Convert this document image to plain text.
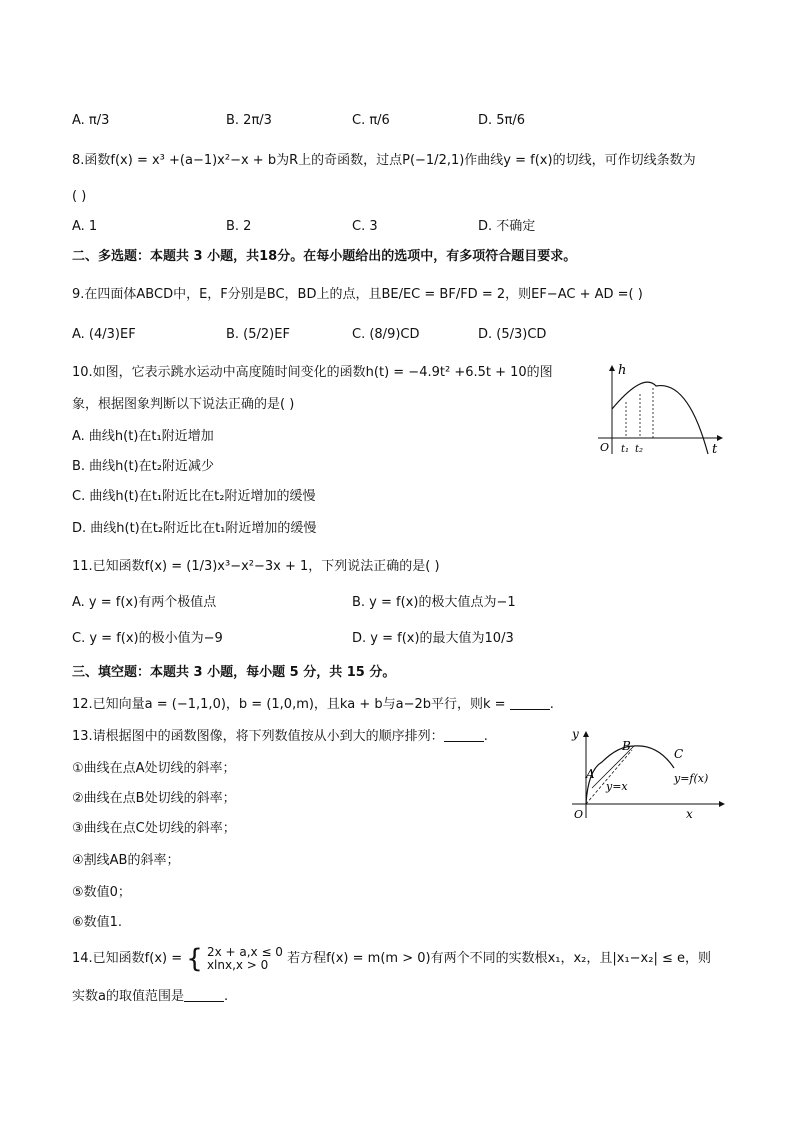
A. π/3	B. 2π/3	C. π/6	D. 5π/6
8.函数f(x) = x³ +(a−1)x²−x + b为R上的奇函数，过点P(−1/2,1)作曲线y = f(x)的切线，可作切线条数为
( )
A. 1	B. 2	C. 3	D. 不确定
二、多选题：本题共 3 小题，共18分。在每小题给出的选项中，有多项符合题目要求。
9.在四面体ABCD中，E，F分别是BC，BD上的点，且BE/EC = BF/FD = 2，则EF−AC + AD =( )
A. (4/3)EF	B. (5/2)EF	C. (8/9)CD	D. (5/3)CD
10.如图，它表示跳水运动中高度随时间变化的函数h(t) = −4.9t² +6.5t + 10的图
象，根据图象判断以下说法正确的是( )
A. 曲线h(t)在t₁附近增加
B. 曲线h(t)在t₂附近减少
C. 曲线h(t)在t₁附近比在t₂附近增加的缓慢
D. 曲线h(t)在t₂附近比在t₁附近增加的缓慢
h
t
O t₁ t₂
11.已知函数f(x) = (1/3)x³−x²−3x + 1，下列说法正确的是( )
A. y = f(x)有两个极值点	B. y = f(x)的极大值点为−1
C. y = f(x)的极小值为−9	D. y = f(x)的最大值为10/3
三、填空题：本题共 3 小题，每小题 5 分，共 15 分。
12.已知向量a = (−1,1,0)，b = (1,0,m)，且ka + b与a−2b平行，则k =	.
13.请根据图中的函数图像，将下列数值按从小到大的顺序排列：	.
①曲线在点A处切线的斜率；
②曲线在点B处切线的斜率；
③曲线在点C处切线的斜率；
④割线AB的斜率；
⑤数值0；
⑥数值1.
y
x
O
A
B
C
y=x
y=f(x)
14.已知函数f(x) = { 2x + a,x ≤ 0
xlnx,x > 0	若方程f(x) = m(m > 0)有两个不同的实数根x₁，x₂，且|x₁−x₂| ≤ e，则
实数a的取值范围是	.
